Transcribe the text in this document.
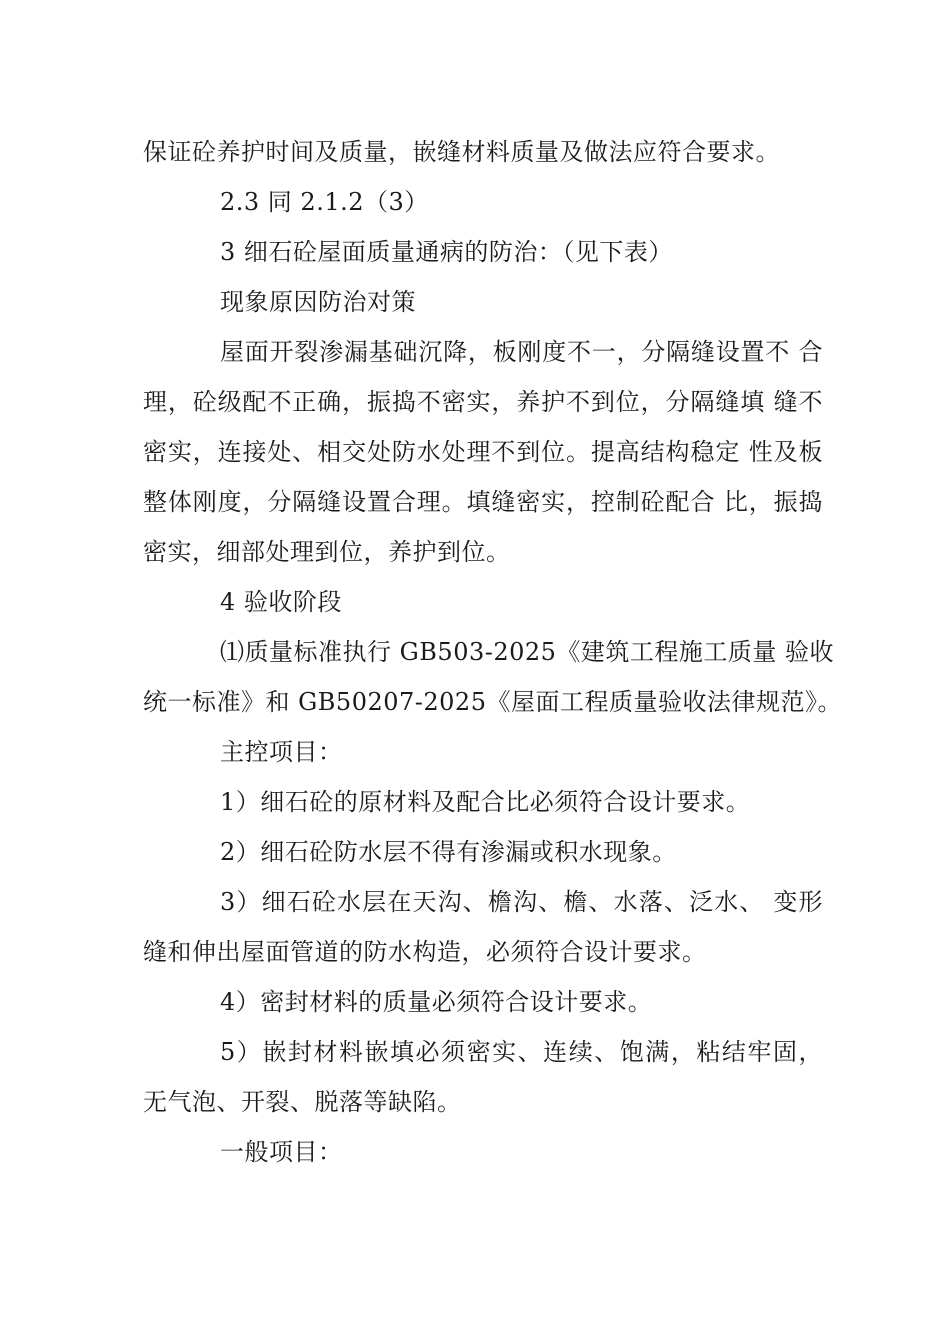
保证砼养护时间及质量，嵌缝材料质量及做法应符合要求。
2.3 同 2.1.2（3）
3 细石砼屋面质量通病的防治：（见下表）
现象原因防治对策
屋面开裂渗漏基础沉降，板刚度不一，分隔缝设置不 合
理，砼级配不正确，振捣不密实，养护不到位，分隔缝填 缝不
密实，连接处、相交处防水处理不到位。提高结构稳定 性及板
整体刚度，分隔缝设置合理。填缝密实，控制砼配合 比，振捣
密实，细部处理到位，养护到位。
4 验收阶段
⑴质量标准执行 GB503-2025《建筑工程施工质量 验收
统一标准》和 GB50207-2025《屋面工程质量验收法律规范》。
主控项目：
1）细石砼的原材料及配合比必须符合设计要求。
2）细石砼防水层不得有渗漏或积水现象。
3）细石砼水层在天沟、檐沟、檐、水落、泛水、 变形
缝和伸出屋面管道的防水构造，必须符合设计要求。
4）密封材料的质量必须符合设计要求。
5）嵌封材料嵌填必须密实、连续、饱满，粘结牢固，
无气泡、开裂、脱落等缺陷。
一般项目：
